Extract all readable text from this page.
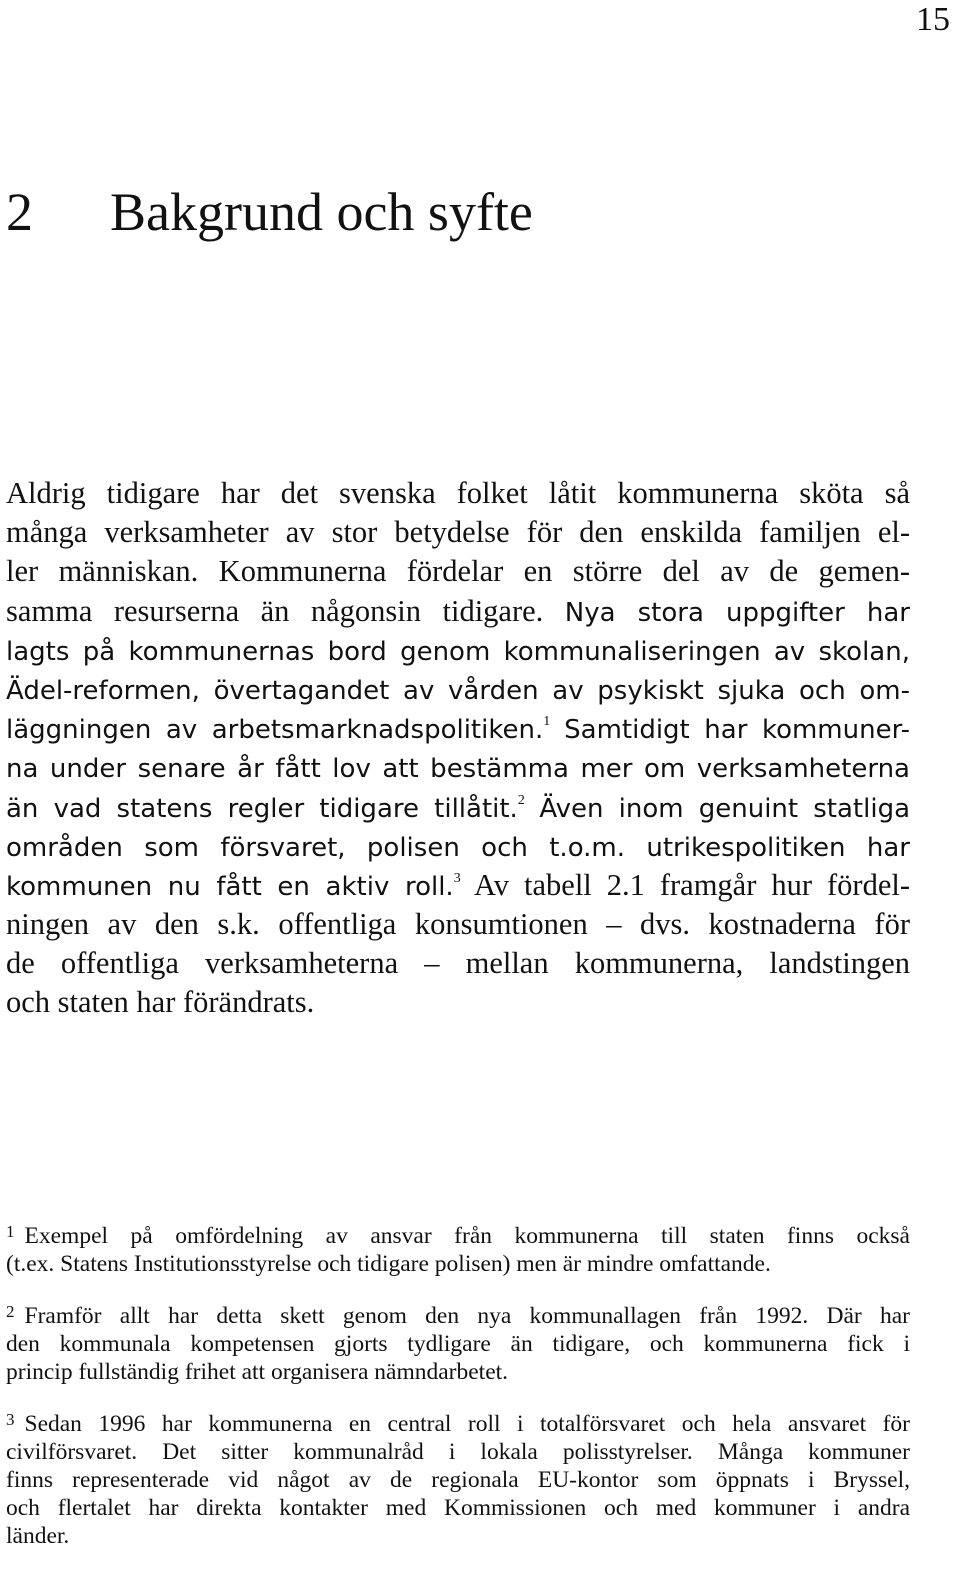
15
2 Bakgrund och syfte
Aldrig tidigare har det svenska folket låtit kommunerna sköta så
många verksamheter av stor betydelse för den enskilda familjen el-
ler människan. Kommunerna fördelar en större del av de gemen-
samma resurserna än någonsin tidigare. Nya stora uppgifter har
lagts på kommunernas bord genom kommunaliseringen av skolan,
Ädel-reformen, övertagandet av vården av psykiskt sjuka och om-
läggningen av arbetsmarknadspolitiken.$^1$ Samtidigt har kommuner-
na under senare år fått lov att bestämma mer om verksamheterna
än vad statens regler tidigare tillåtit.$^2$ Även inom genuint statliga
områden som försvaret, polisen och t.o.m. utrikespolitiken har
kommunen nu fått en aktiv roll.$^3$ Av tabell 2.1 framgår hur fördel-
ningen av den s.k. offentliga konsumtionen – dvs. kostnaderna för
de offentliga verksamheterna – mellan kommunerna, landstingen
och staten har förändrats.
$^1$ Exempel på omfördelning av ansvar från kommunerna till staten finns också
(t.ex. Statens Institutionsstyrelse och tidigare polisen) men är mindre omfattande.
$^2$ Framför allt har detta skett genom den nya kommunallagen från 1992. Där har
den kommunala kompetensen gjorts tydligare än tidigare, och kommunerna fick i
princip fullständig frihet att organisera nämndarbetet.
$^3$ Sedan 1996 har kommunerna en central roll i totalförsvaret och hela ansvaret för
civilförsvaret. Det sitter kommunalråd i lokala polisstyrelser. Många kommuner
finns representerade vid något av de regionala EU-kontor som öppnats i Bryssel,
och flertalet har direkta kontakter med Kommissionen och med kommuner i andra
länder.
